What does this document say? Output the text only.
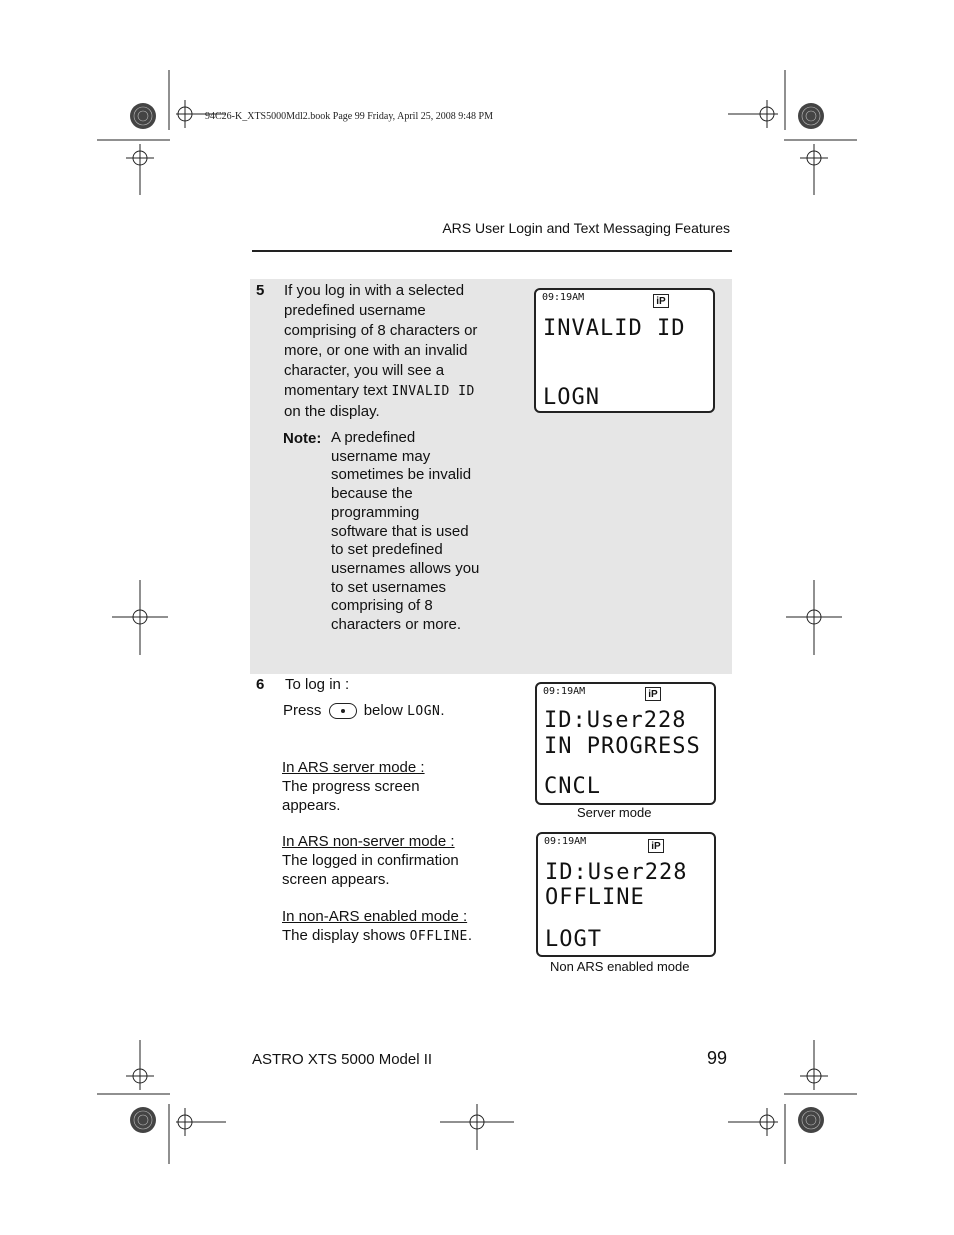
94C26-K_XTS5000Mdl2.book Page 99 Friday, April 25, 2008 9:48 PM
ARS User Login and Text Messaging Features
5 If you log in with a selected
predefined username
comprising of 8 characters or
more, or one with an invalid
character, you will see a
momentary text INVALID ID
on the display.
Note: A predefined
username may
sometimes be invalid
because the
programming
software that is used
to set predefined
usernames allows you
to set usernames
comprising of 8
characters or more.
09:19AM	iP
INVALID ID
LOGN
6 To log in :
Press	below LOGN.
In ARS server mode :
The progress screen
appears.
In ARS non-server mode :
The logged in confirmation
screen appears.
In non-ARS enabled mode :
The display shows OFFLINE.
09:19AM	iP
ID:User228
IN PROGRESS
CNCL
Server mode
09:19AM	iP
ID:User228
OFFLINE
LOGT
Non ARS enabled mode
ASTRO XTS 5000 Model II	99
